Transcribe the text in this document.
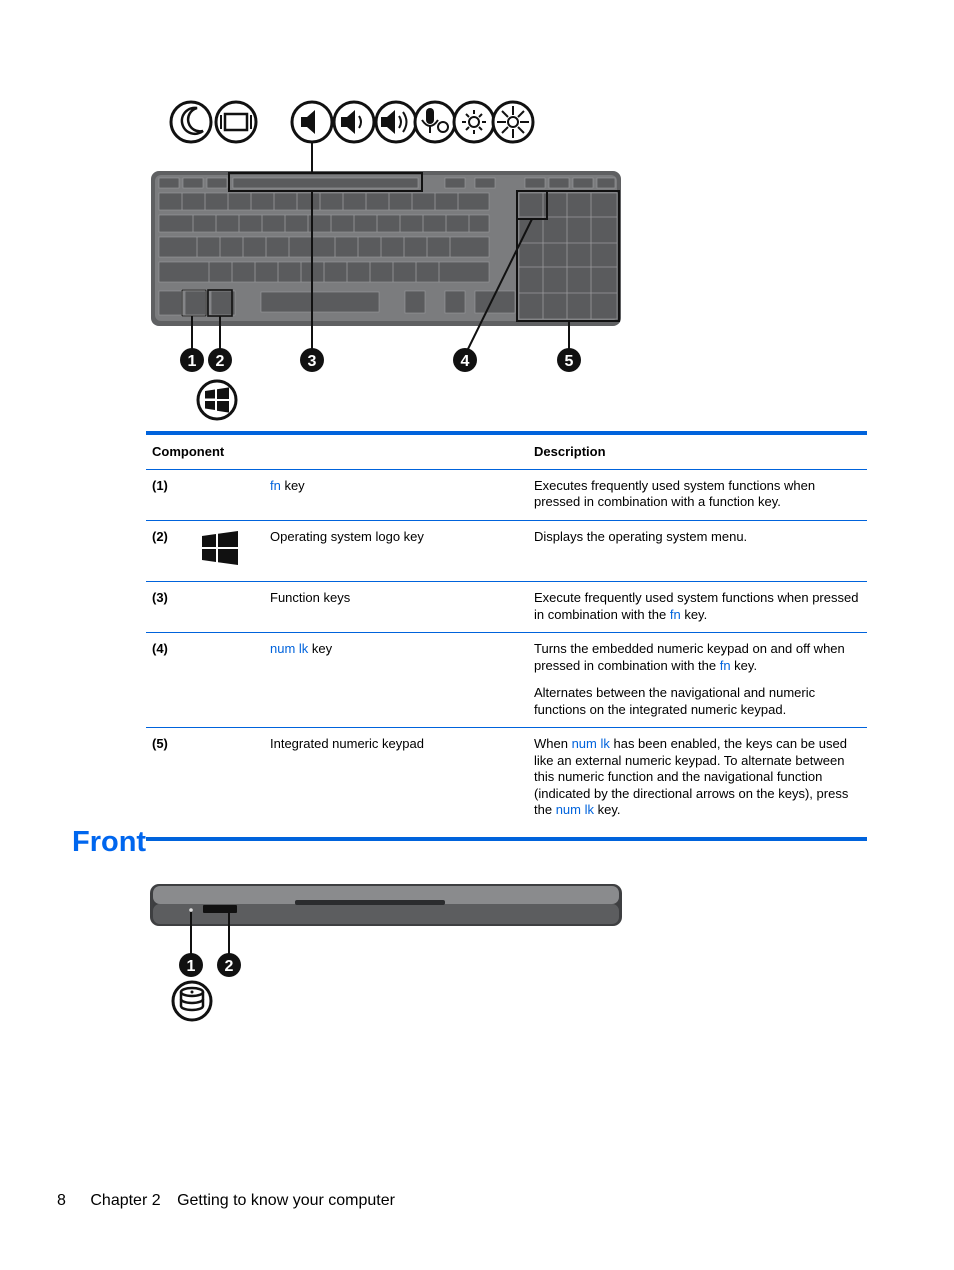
1 2	3	4	5
Component			Description
(1)		fn key	Executes frequently used system functions when pressed in combination with a function key.

(2)		Operating system logo key	Displays the operating system menu.

(3)		Function keys	Execute frequently used system functions when pressed in combination with the fn key.

(4)		num lk key	Turns the embedded numeric keypad on and off when pressed in combination with the fn key.

Alternates between the navigational and numeric functions on the integrated numeric keypad.

(5)		Integrated numeric keypad	When num lk has been enabled, the keys can be used like an external numeric keypad. To alternate between this numeric function and the navigational function (indicated by the directional arrows on the keys), press the num lk key.

Front
1 2
8 Chapter 2 Getting to know your computer
